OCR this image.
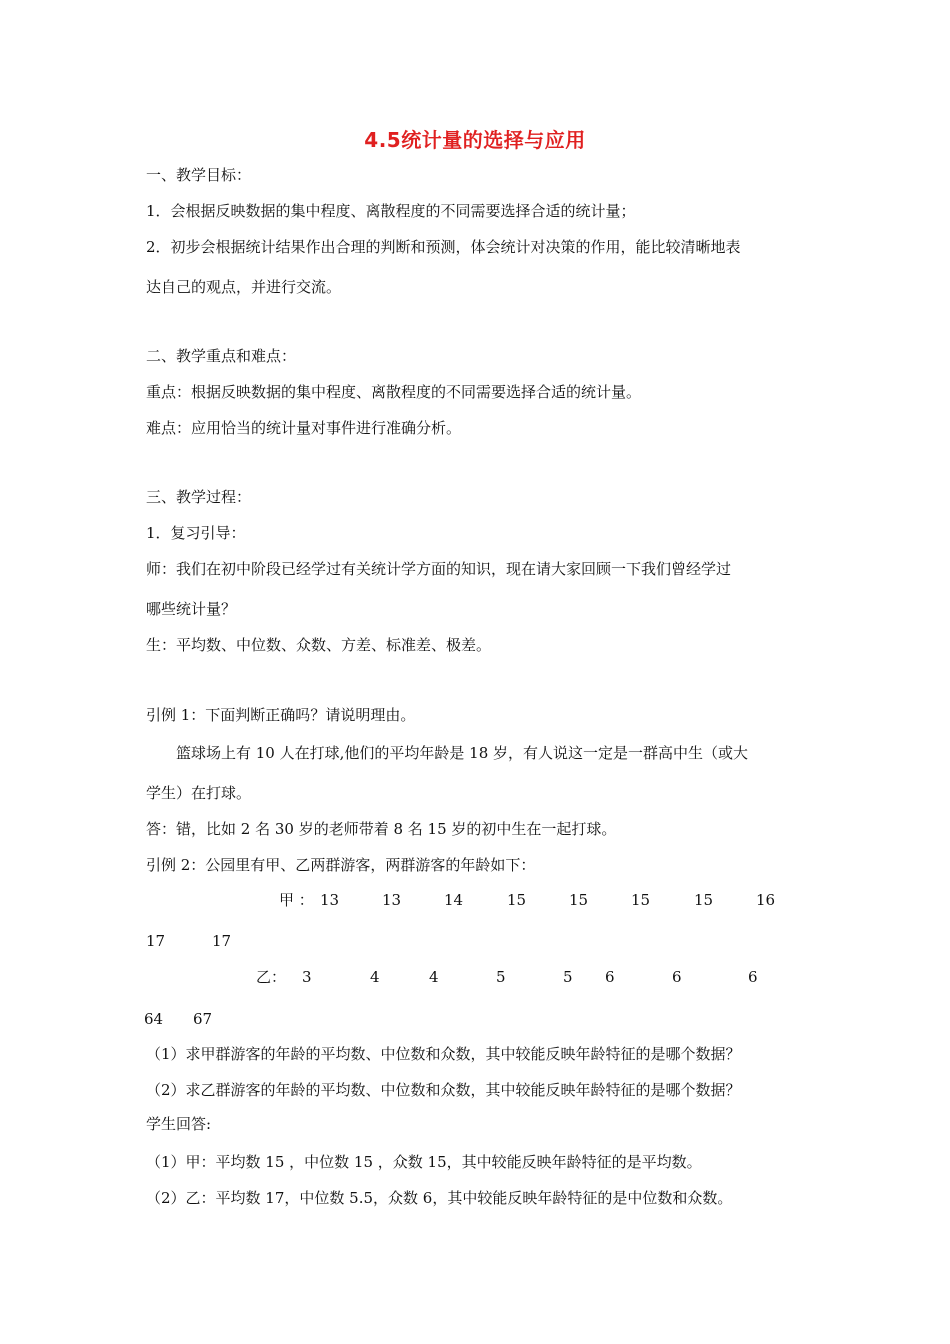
4.5统计量的选择与应用
一、教学目标：
1．会根据反映数据的集中程度、离散程度的不同需要选择合适的统计量；
2．初步会根据统计结果作出合理的判断和预测，体会统计对决策的作用，能比较清晰地表
达自己的观点，并进行交流。
二、教学重点和难点：
重点：根据反映数据的集中程度、离散程度的不同需要选择合适的统计量。
难点：应用恰当的统计量对事件进行准确分析。
三、教学过程：
1．复习引导：
师：我们在初中阶段已经学过有关统计学方面的知识，现在请大家回顾一下我们曾经学过
哪些统计量？
生：平均数、中位数、众数、方差、标准差、极差。
引例 1：下面判断正确吗？请说明理由。
篮球场上有 10 人在打球,他们的平均年龄是 18 岁，有人说这一定是一群高中生（或大
学生）在打球。
答：错，比如 2 名 30 岁的老师带着 8 名 15 岁的初中生在一起打球。
引例 2：公园里有甲、乙两群游客，两群游客的年龄如下：
甲 ： 13	13	14	15	15	15	15	16
17	17
乙： 3	4	4	5	5 6	6	6
64 67
（1）求甲群游客的年龄的平均数、中位数和众数，其中较能反映年龄特征的是哪个数据？
（2）求乙群游客的年龄的平均数、中位数和众数，其中较能反映年龄特征的是哪个数据？
学生回答:
（1）甲：平均数 15 ，中位数 15 ，众数 15，其中较能反映年龄特征的是平均数。
（2）乙：平均数 17，中位数 5.5，众数 6，其中较能反映年龄特征的是中位数和众数。
